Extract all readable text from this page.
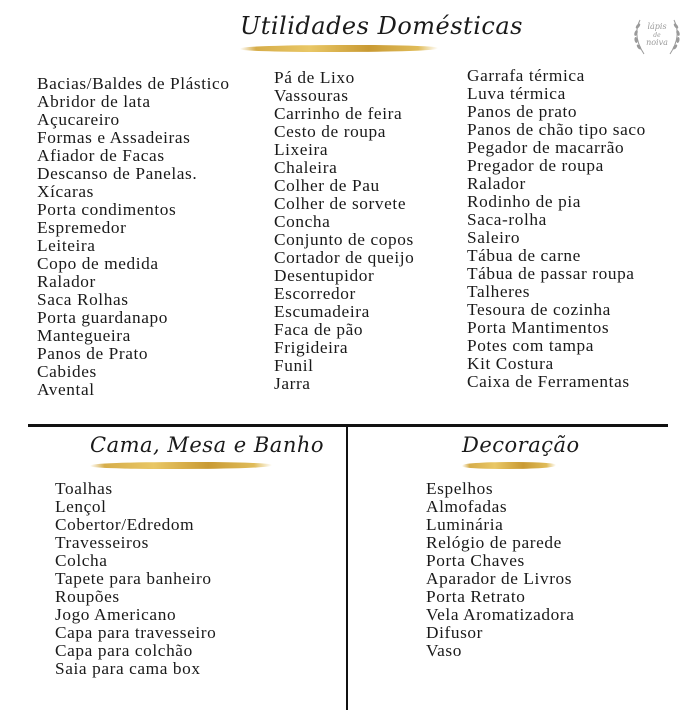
lápis
de
noiva
Utilidades Domésticas
Bacias/Baldes de Plástico
Abridor de lata
Açucareiro
Formas e Assadeiras
Afiador de Facas
Descanso de Panelas.
Xícaras
Porta condimentos
Espremedor
Leiteira
Copo de medida
Ralador
Saca Rolhas
Porta guardanapo
Mantegueira
Panos de Prato
Cabides
Avental
Pá de Lixo
Vassouras
Carrinho de feira
Cesto de roupa
Lixeira
Chaleira
Colher de Pau
Colher de sorvete
Concha
Conjunto de copos
Cortador de queijo
Desentupidor
Escorredor
Escumadeira
Faca de pão
Frigideira
Funil
Jarra
Garrafa térmica
Luva térmica
Panos de prato
Panos de chão tipo saco
Pegador de macarrão
Pregador de roupa
Ralador
Rodinho de pia
Saca-rolha
Saleiro
Tábua de carne
Tábua de passar roupa
Talheres
Tesoura de cozinha
Porta Mantimentos
Potes com tampa
Kit Costura
Caixa de Ferramentas
Cama, Mesa e Banho
Toalhas
Lençol
Cobertor/Edredom
Travesseiros
Colcha
Tapete para banheiro
Roupões
Jogo Americano
Capa para travesseiro
Capa para colchão
Saia para cama box
Decoração
Espelhos
Almofadas
Luminária
Relógio de parede
Porta Chaves
Aparador de Livros
Porta Retrato
Vela Aromatizadora
Difusor
Vaso
